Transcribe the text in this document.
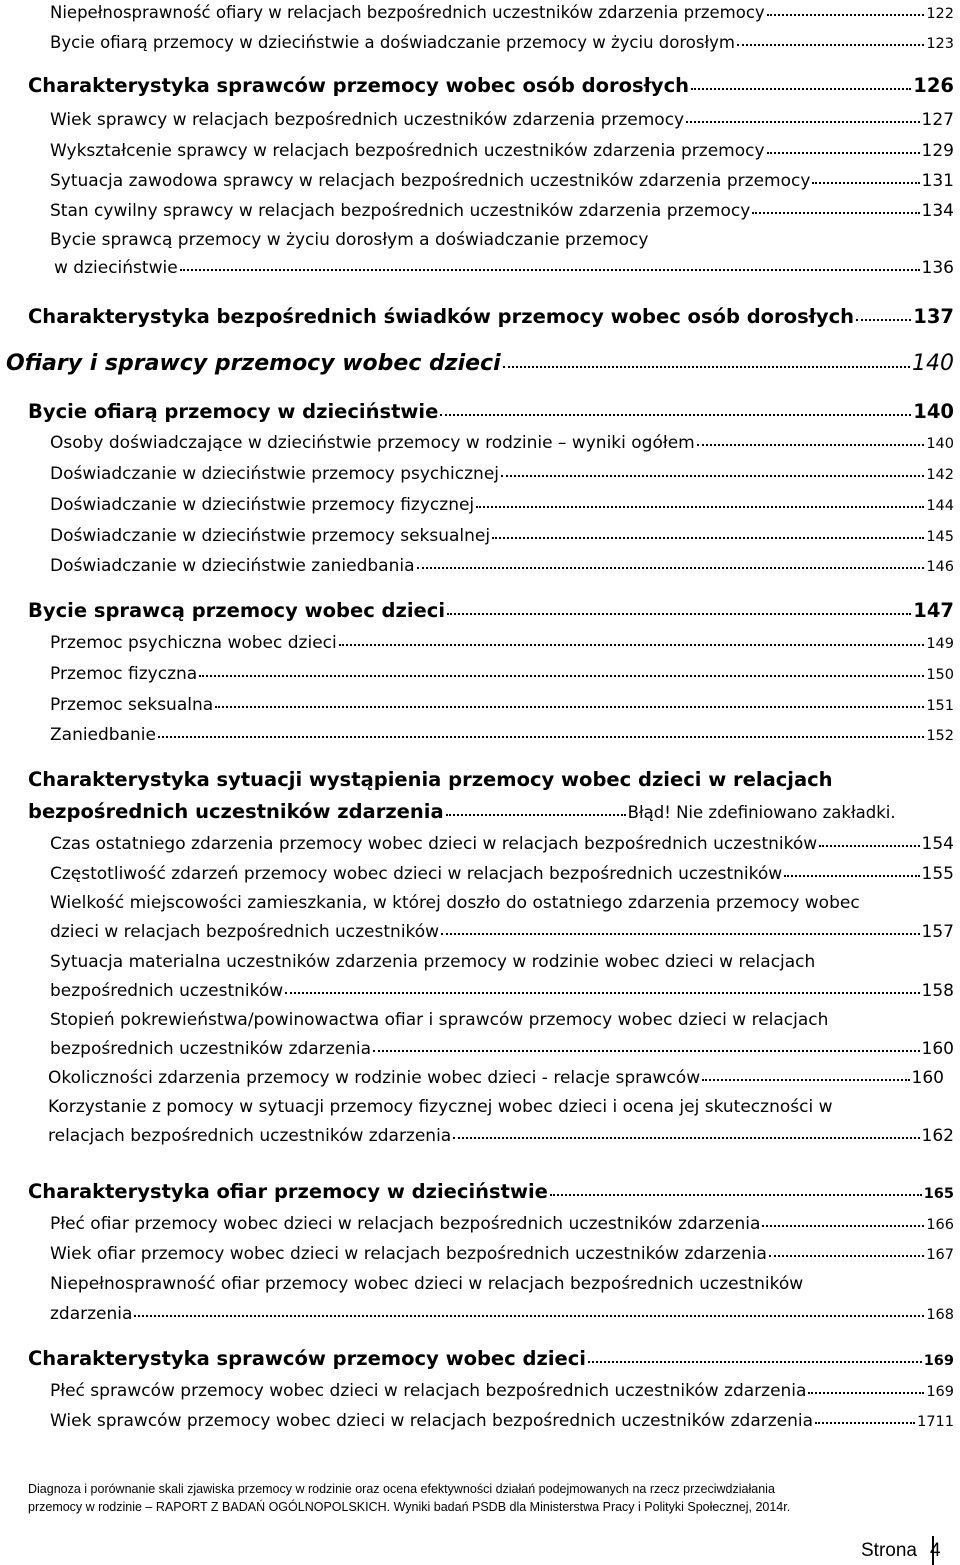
Niepełnosprawność ofiary w relacjach bezpośrednich uczestników zdarzenia przemocy	122
Bycie ofiarą przemocy w dzieciństwie a doświadczanie przemocy w życiu dorosłym	123
Charakterystyka sprawców przemocy wobec osób dorosłych	126
Wiek sprawcy w relacjach bezpośrednich uczestników zdarzenia przemocy	127
Wykształcenie sprawcy w relacjach bezpośrednich uczestników zdarzenia przemocy	129
Sytuacja zawodowa sprawcy w relacjach bezpośrednich uczestników zdarzenia przemocy	131
Stan cywilny sprawcy w relacjach bezpośrednich uczestników zdarzenia przemocy	134
Bycie sprawcą przemocy w życiu dorosłym a doświadczanie przemocy
w dzieciństwie	136
Charakterystyka bezpośrednich świadków przemocy wobec osób dorosłych	137
Ofiary i sprawcy przemocy wobec dzieci	140
Bycie ofiarą przemocy w dzieciństwie	140
Osoby doświadczające w dzieciństwie przemocy w rodzinie – wyniki ogółem	140
Doświadczanie w dzieciństwie przemocy psychicznej	142
Doświadczanie w dzieciństwie przemocy fizycznej	144
Doświadczanie w dzieciństwie przemocy seksualnej	145
Doświadczanie w dzieciństwie zaniedbania	146
Bycie sprawcą przemocy wobec dzieci	147
Przemoc psychiczna wobec dzieci	149
Przemoc fizyczna	150
Przemoc seksualna	151
Zaniedbanie	152
Charakterystyka sytuacji wystąpienia przemocy wobec dzieci w relacjach
bezpośrednich uczestników zdarzenia	Błąd! Nie zdefiniowano zakładki.
Czas ostatniego zdarzenia przemocy wobec dzieci w relacjach bezpośrednich uczestników	154
Częstotliwość zdarzeń przemocy wobec dzieci w relacjach bezpośrednich uczestników	155
Wielkość miejscowości zamieszkania, w której doszło do ostatniego zdarzenia przemocy wobec
dzieci w relacjach bezpośrednich uczestników	157
Sytuacja materialna uczestników zdarzenia przemocy w rodzinie wobec dzieci w relacjach
bezpośrednich uczestników	158
Stopień pokrewieństwa/powinowactwa ofiar i sprawców przemocy wobec dzieci w relacjach
bezpośrednich uczestników zdarzenia	160
Okoliczności zdarzenia przemocy w rodzinie wobec dzieci - relacje sprawców	160
Korzystanie z pomocy w sytuacji przemocy fizycznej wobec dzieci i ocena jej skuteczności w
relacjach bezpośrednich uczestników zdarzenia	162
Charakterystyka ofiar przemocy w dzieciństwie	165
Płeć ofiar przemocy wobec dzieci w relacjach bezpośrednich uczestników zdarzenia	166
Wiek ofiar przemocy wobec dzieci w relacjach bezpośrednich uczestników zdarzenia	167
Niepełnosprawność ofiar przemocy wobec dzieci w relacjach bezpośrednich uczestników
zdarzenia	168
Charakterystyka sprawców przemocy wobec dzieci	169
Płeć sprawców przemocy wobec dzieci w relacjach bezpośrednich uczestników zdarzenia	169
Wiek sprawców przemocy wobec dzieci w relacjach bezpośrednich uczestników zdarzenia	1711
Diagnoza i porównanie skali zjawiska przemocy w rodzinie oraz ocena efektywności działań podejmowanych na rzecz przeciwdziałania
przemocy w rodzinie – RAPORT Z BADAŃ OGÓLNOPOLSKICH. Wyniki badań PSDB dla Ministerstwa Pracy i Polityki Społecznej, 2014r.
Strona 4
